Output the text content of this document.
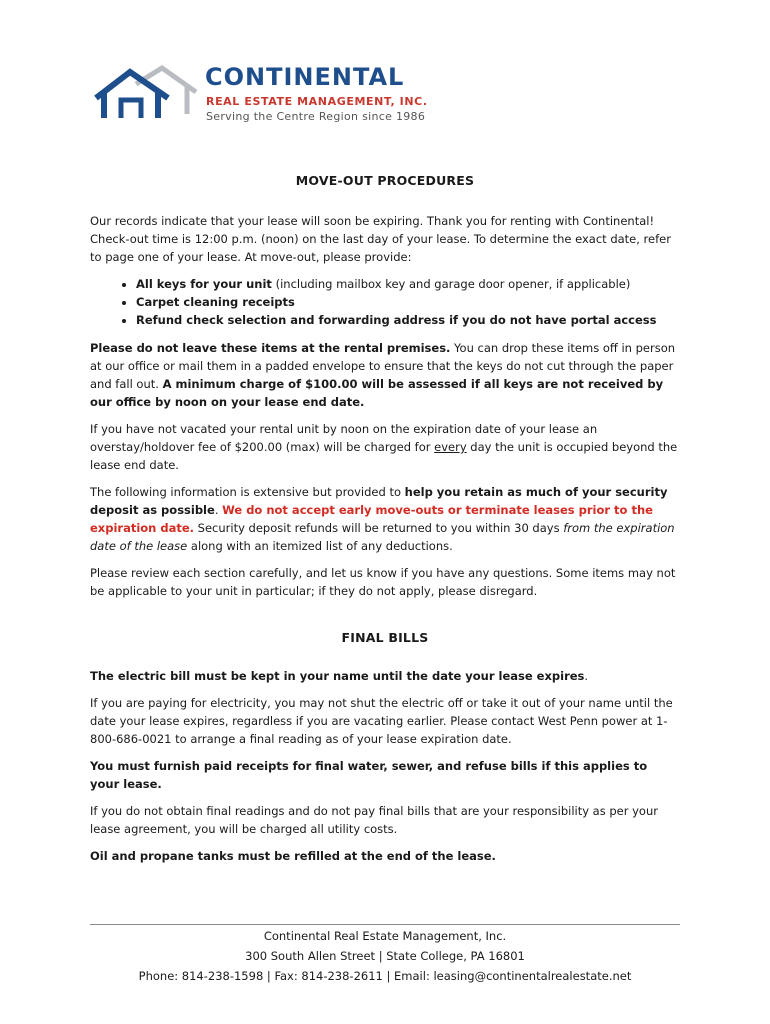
CONTINENTAL
REAL ESTATE MANAGEMENT, INC.
Serving the Centre Region since 1986
MOVE-OUT PROCEDURES

Our records indicate that your lease will soon be expiring. Thank you for renting with Continental! Check-out time is 12:00 p.m. (noon) on the last day of your lease. To determine the exact date, refer to page one of your lease. At move-out, please provide:

• All keys for your unit (including mailbox key and garage door opener, if applicable)
• Carpet cleaning receipts
• Refund check selection and forwarding address if you do not have portal access

Please do not leave these items at the rental premises. You can drop these items off in person at our office or mail them in a padded envelope to ensure that the keys do not cut through the paper and fall out. A minimum charge of $100.00 will be assessed if all keys are not received by our office by noon on your lease end date.

If you have not vacated your rental unit by noon on the expiration date of your lease an overstay/holdover fee of $200.00 (max) will be charged for every day the unit is occupied beyond the lease end date.

The following information is extensive but provided to help you retain as much of your security deposit as possible. We do not accept early move-outs or terminate leases prior to the expiration date. Security deposit refunds will be returned to you within 30 days from the expiration date of the lease along with an itemized list of any deductions.

Please review each section carefully, and let us know if you have any questions. Some items may not be applicable to your unit in particular; if they do not apply, please disregard.

FINAL BILLS

The electric bill must be kept in your name until the date your lease expires.

If you are paying for electricity, you may not shut the electric off or take it out of your name until the date your lease expires, regardless if you are vacating earlier. Please contact West Penn power at 1-800-686-0021 to arrange a final reading as of your lease expiration date.

You must furnish paid receipts for final water, sewer, and refuse bills if this applies to your lease.

If you do not obtain final readings and do not pay final bills that are your responsibility as per your lease agreement, you will be charged all utility costs.

Oil and propane tanks must be refilled at the end of the lease.

Continental Real Estate Management, Inc.
300 South Allen Street | State College, PA 16801
Phone: 814-238-1598 | Fax: 814-238-2611 | Email: leasing@continentalrealestate.net
